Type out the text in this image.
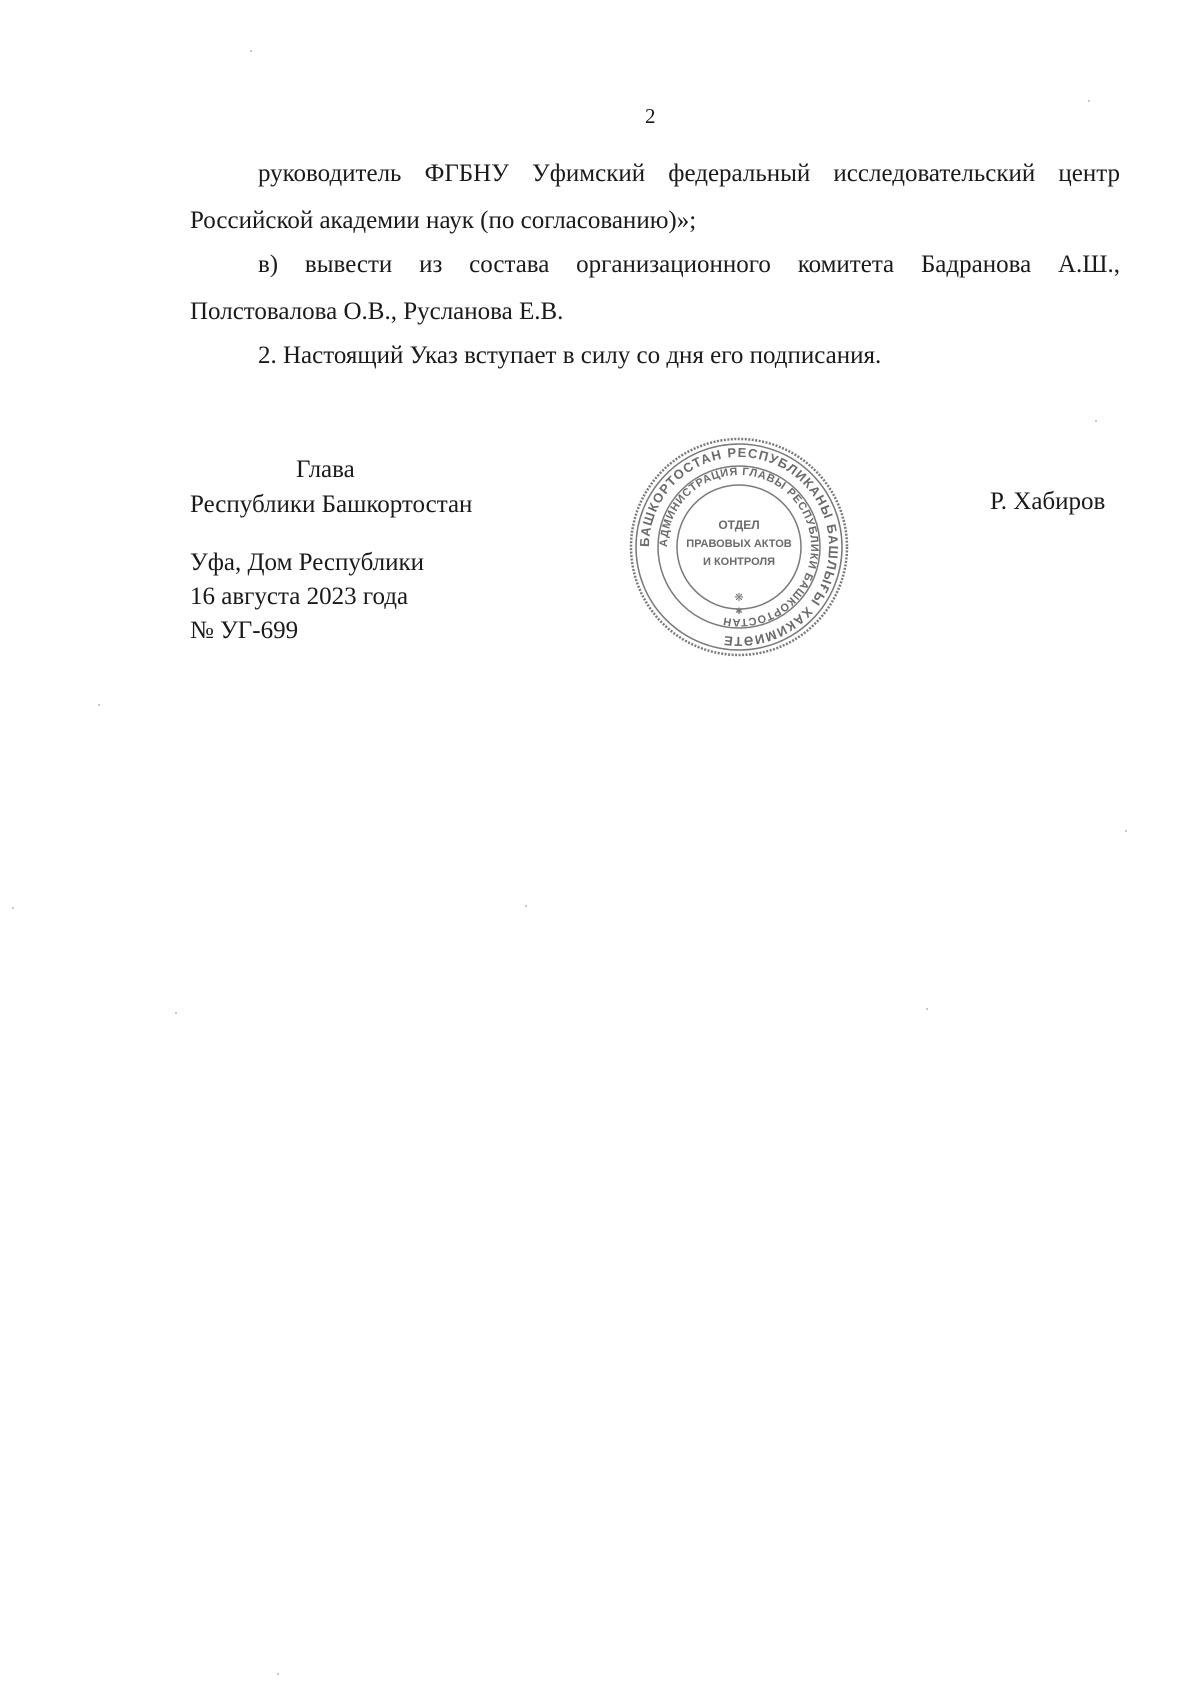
2
руководитель ФГБНУ Уфимский федеральный исследовательский центр Российской академии наук (по согласованию)»;
в) вывести из состава организационного комитета Бадранова А.Ш., Полстовалова О.В., Русланова Е.В.
2. Настоящий Указ вступает в силу со дня его подписания.
Глава
Республики Башкортостан	Р. Хабиров
Уфа, Дом Республики
16 августа 2023 года
№ УГ-699
БАШКОРТОСТАН РЕСПУБЛИКАНЫ БАШЛЫҒЫ ХАКИМИӘТЕ
АДМИНИСТРАЦИЯ ГЛАВЫ РЕСПУБЛИКИ БАШКОРТОСТАН
ОТДЕЛ
ПРАВОВЫХ АКТОВ
И КОНТРОЛЯ
❋
✱
